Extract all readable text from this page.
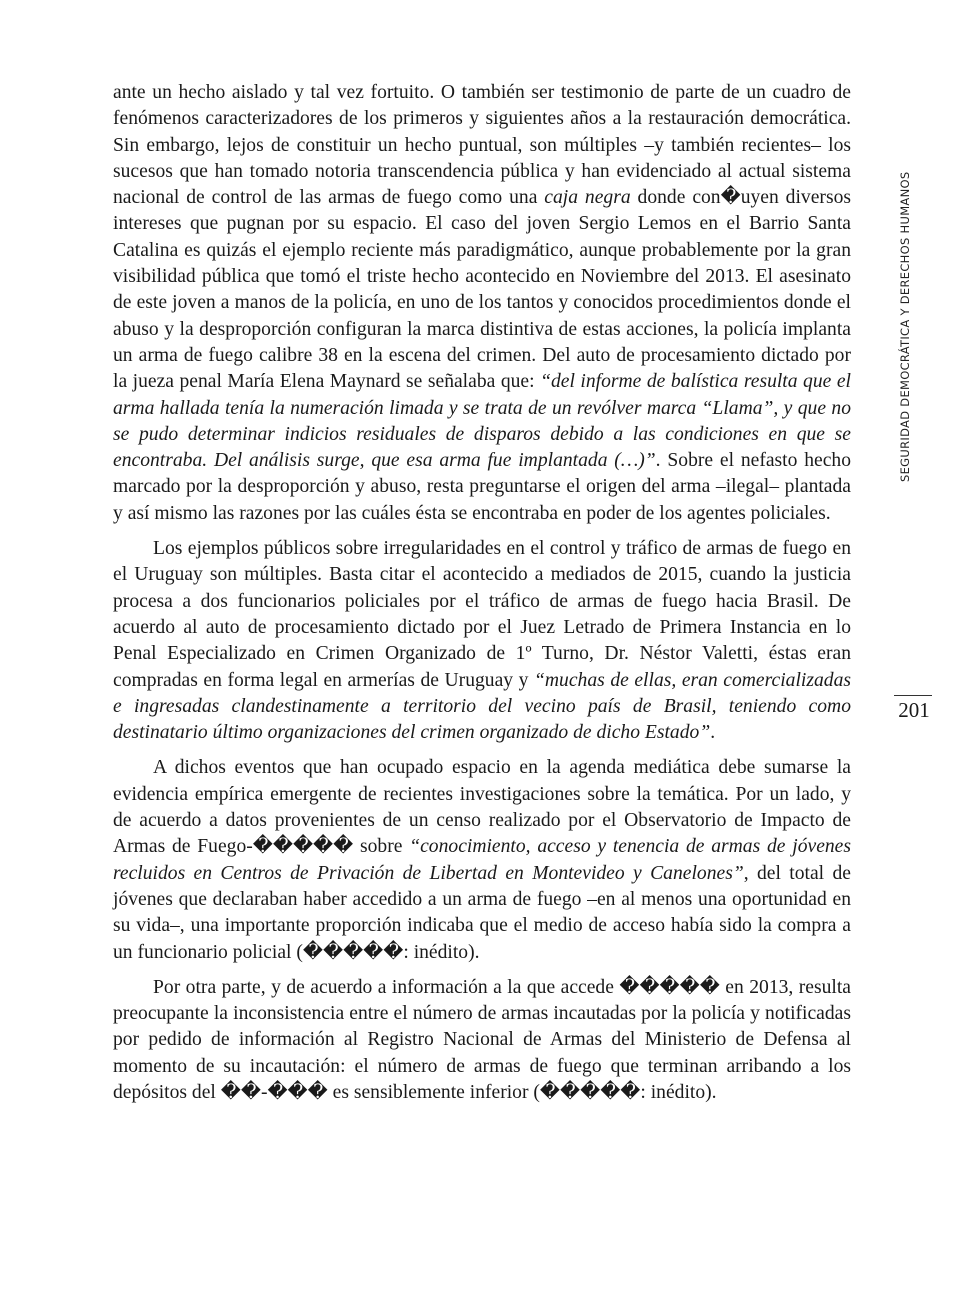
ante un hecho aislado y tal vez fortuito. O también ser testimonio de parte de un cuadro de fenómenos caracterizadores de los primeros y siguientes años a la restauración democrática. Sin embargo, lejos de constituir un hecho puntual, son múltiples –y también recientes– los sucesos que han tomado notoria transcendencia pública y han evidenciado al actual sistema nacional de control de las armas de fuego como una caja negra donde con�uyen diversos intereses que pugnan por su espacio. El caso del joven Sergio Lemos en el Barrio Santa Catalina es quizás el ejemplo reciente más paradigmático, aunque probablemente por la gran visibilidad pública que tomó el triste hecho acontecido en Noviembre del 2013. El asesinato de este joven a manos de la policía, en uno de los tantos y conocidos procedimientos donde el abuso y la desproporción configuran la marca distintiva de estas acciones, la policía implanta un arma de fuego calibre 38 en la escena del crimen. Del auto de procesamiento dictado por la jueza penal María Elena Maynard se señalaba que: “del informe de balística resulta que el arma hallada tenía la numeración limada y se trata de un revólver marca “Llama”, y que no se pudo determinar indicios residuales de disparos debido a las condiciones en que se encontraba. Del análisis surge, que esa arma fue implantada (…)”. Sobre el nefasto hecho marcado por la desproporción y abuso, resta preguntarse el origen del arma –ilegal– plantada y así mismo las razones por las cuáles ésta se encontraba en poder de los agentes policiales.

Los ejemplos públicos sobre irregularidades en el control y tráfico de armas de fuego en el Uruguay son múltiples. Basta citar el acontecido a mediados de 2015, cuando la justicia procesa a dos funcionarios policiales por el tráfico de armas de fuego hacia Brasil. De acuerdo al auto de procesamiento dictado por el Juez Letrado de Primera Instancia en lo Penal Especializado en Crimen Organizado de 1º Turno, Dr. Néstor Valetti, éstas eran compradas en forma legal en armerías de Uruguay y “muchas de ellas, eran comercializadas e ingresadas clandestinamente a territorio del vecino país de Brasil, teniendo como destinatario último organizaciones del crimen organizado de dicho Estado”.

A dichos eventos que han ocupado espacio en la agenda mediática debe sumarse la evidencia empírica emergente de recientes investigaciones sobre la temática. Por un lado, y de acuerdo a datos provenientes de un censo realizado por el Observatorio de Impacto de Armas de Fuego-����� sobre “conocimiento, acceso y tenencia de armas de jóvenes recluidos en Centros de Privación de Libertad en Montevideo y Canelones”, del total de jóvenes que declaraban haber accedido a un arma de fuego –en al menos una oportunidad en su vida–, una importante proporción indicaba que el medio de acceso había sido la compra a un funcionario policial (�����: inédito).

Por otra parte, y de acuerdo a información a la que accede ����� en 2013, resulta preocupante la inconsistencia entre el número de armas incautadas por la policía y notificadas por pedido de información al Registro Nacional de Armas del Ministerio de Defensa al momento de su incautación: el número de armas de fuego que terminan arribando a los depósitos del ��-��� es sensiblemente inferior (�����: inédito).

SEGURIDAD DEMOCRÁTICA Y DERECHOS HUMANOS
201
